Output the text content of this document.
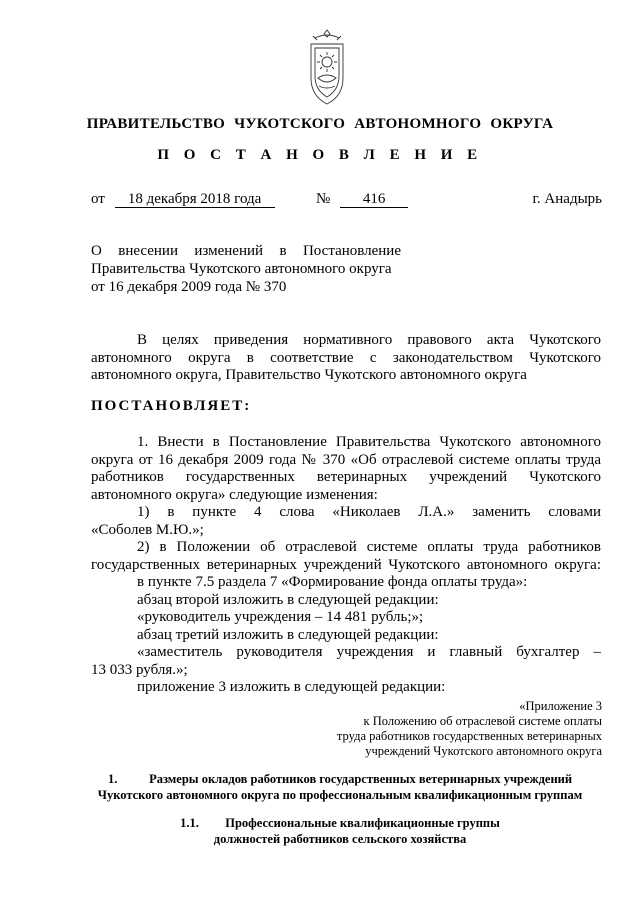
ПРАВИТЕЛЬСТВО ЧУКОТСКОГО АВТОНОМНОГО ОКРУГА
П О С Т А Н О В Л Е Н И Е
от 18 декабря 2018 года	№ 416	г. Анадырь
О внесении изменений в Постановление
Правительства Чукотского автономного округа
от 16 декабря 2009 года № 370
В целях приведения нормативного правового акта Чукотского
автономного округа в соответствие с законодательством Чукотского
автономного округа, Правительство Чукотского автономного округа
ПОСТАНОВЛЯЕТ:
1. Внести в Постановление Правительства Чукотского автономного
округа от 16 декабря 2009 года № 370 «Об отраслевой системе оплаты труда
работников государственных ветеринарных учреждений Чукотского
автономного округа» следующие изменения:
1) в пункте 4 слова «Николаев Л.А.» заменить словами
«Соболев М.Ю.»;
2) в Положении об отраслевой системе оплаты труда работников
государственных ветеринарных учреждений Чукотского автономного округа:
в пункте 7.5 раздела 7 «Формирование фонда оплаты труда»:
абзац второй изложить в следующей редакции:
«руководитель учреждения – 14 481 рубль;»;
абзац третий изложить в следующей редакции:
«заместитель руководителя учреждения и главный бухгалтер –
13 033 рубля.»;
приложение 3 изложить в следующей редакции:
«Приложение 3
к Положению об отраслевой системе оплаты
труда работников государственных ветеринарных
учреждений Чукотского автономного округа
1.	Размеры окладов работников государственных ветеринарных учреждений
Чукотского автономного округа по профессиональным квалификационным группам
1.1. Профессиональные квалификационные группы
должностей работников сельского хозяйства
